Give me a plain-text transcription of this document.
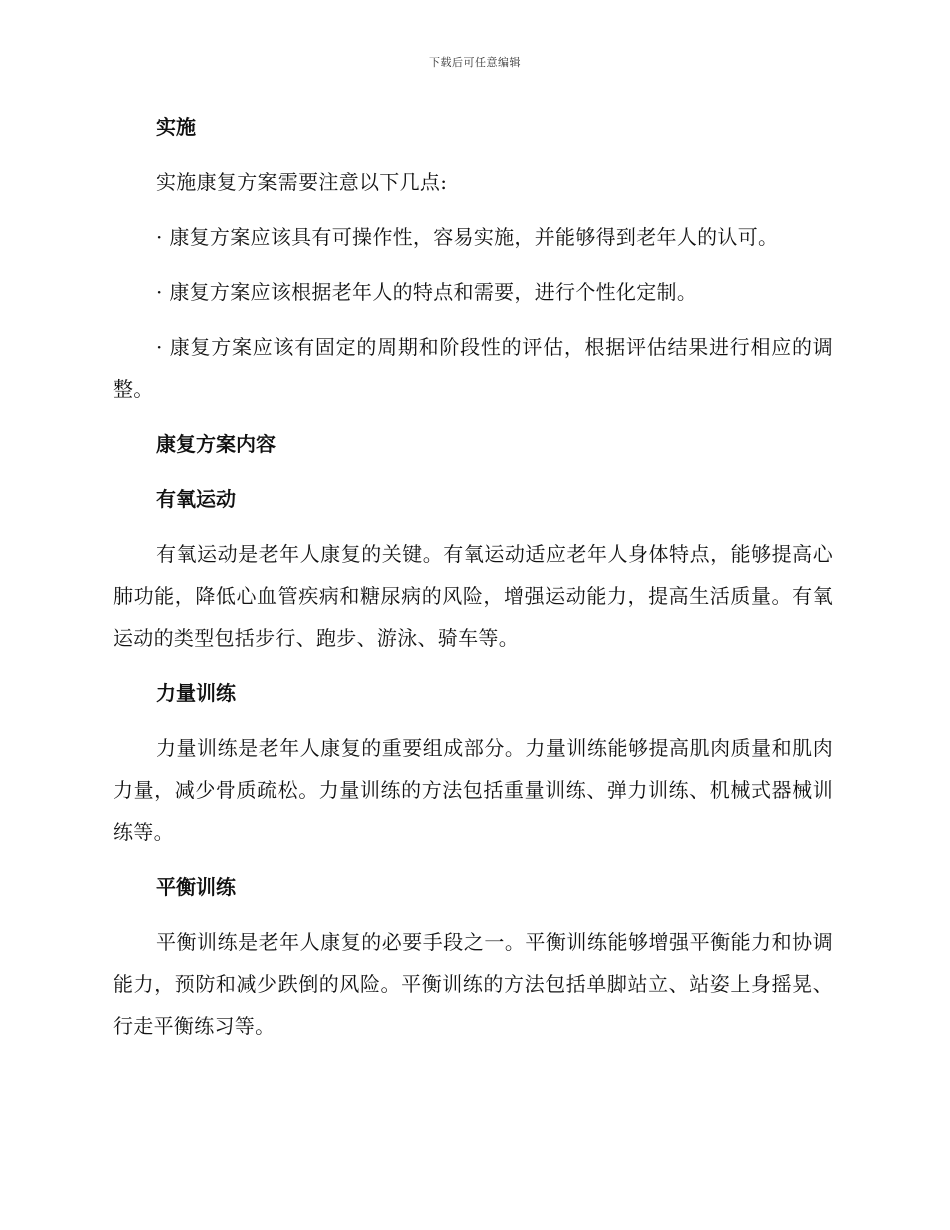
下载后可任意编辑
实施

实施康复方案需要注意以下几点:

· 康复方案应该具有可操作性，容易实施，并能够得到老年人的认可。

· 康复方案应该根据老年人的特点和需要，进行个性化定制。

· 康复方案应该有固定的周期和阶段性的评估，根据评估结果进行相应的调整。

康复方案内容
有氧运动

有氧运动是老年人康复的关键。有氧运动适应老年人身体特点，能够提高心肺功能，降低心血管疾病和糖尿病的风险，增强运动能力，提高生活质量。有氧运动的类型包括步行、跑步、游泳、骑车等。

力量训练

力量训练是老年人康复的重要组成部分。力量训练能够提高肌肉质量和肌肉力量，减少骨质疏松。力量训练的方法包括重量训练、弹力训练、机械式器械训练等。

平衡训练

平衡训练是老年人康复的必要手段之一。平衡训练能够增强平衡能力和协调能力，预防和减少跌倒的风险。平衡训练的方法包括单脚站立、站姿上身摇晃、行走平衡练习等。
